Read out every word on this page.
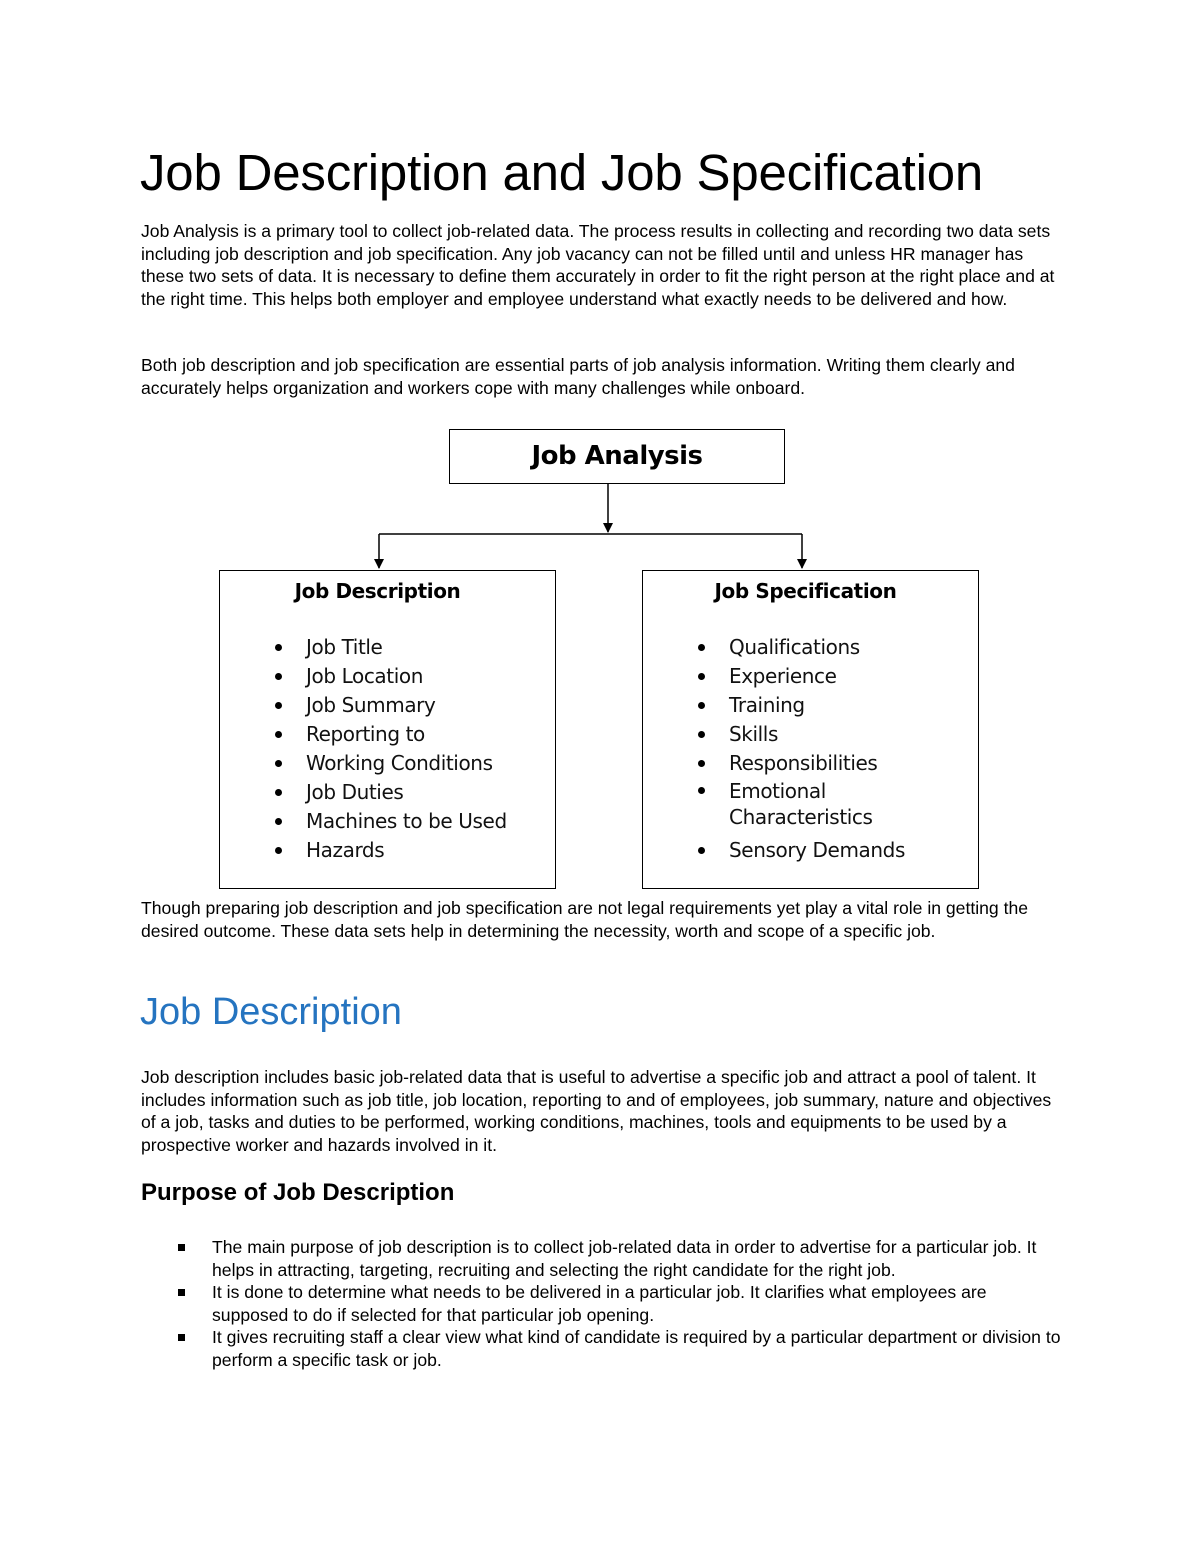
Job Description and Job Specification

Job Analysis is a primary tool to collect job-related data. The process results in collecting and recording two data sets including job description and job specification. Any job vacancy can not be filled until and unless HR manager has these two sets of data. It is necessary to define them accurately in order to fit the right person at the right place and at the right time. This helps both employer and employee understand what exactly needs to be delivered and how.

Both job description and job specification are essential parts of job analysis information. Writing them clearly and accurately helps organization and workers cope with many challenges while onboard.

Job Analysis
Job Description
Job Title
Job Location
Job Summary
Reporting to
Working Conditions
Job Duties
Machines to be Used
Hazards
Job Specification
Qualifications
Experience
Training
Skills
Responsibilities
Emotional Characteristics
Sensory Demands

Though preparing job description and job specification are not legal requirements yet play a vital role in getting the desired outcome. These data sets help in determining the necessity, worth and scope of a specific job.

Job Description

Job description includes basic job-related data that is useful to advertise a specific job and attract a pool of talent. It includes information such as job title, job location, reporting to and of employees, job summary, nature and objectives of a job, tasks and duties to be performed, working conditions, machines, tools and equipments to be used by a prospective worker and hazards involved in it.

Purpose of Job Description
The main purpose of job description is to collect job-related data in order to advertise for a particular job. It helps in attracting, targeting, recruiting and selecting the right candidate for the right job.
It is done to determine what needs to be delivered in a particular job. It clarifies what employees are supposed to do if selected for that particular job opening.
It gives recruiting staff a clear view what kind of candidate is required by a particular department or division to perform a specific task or job.
